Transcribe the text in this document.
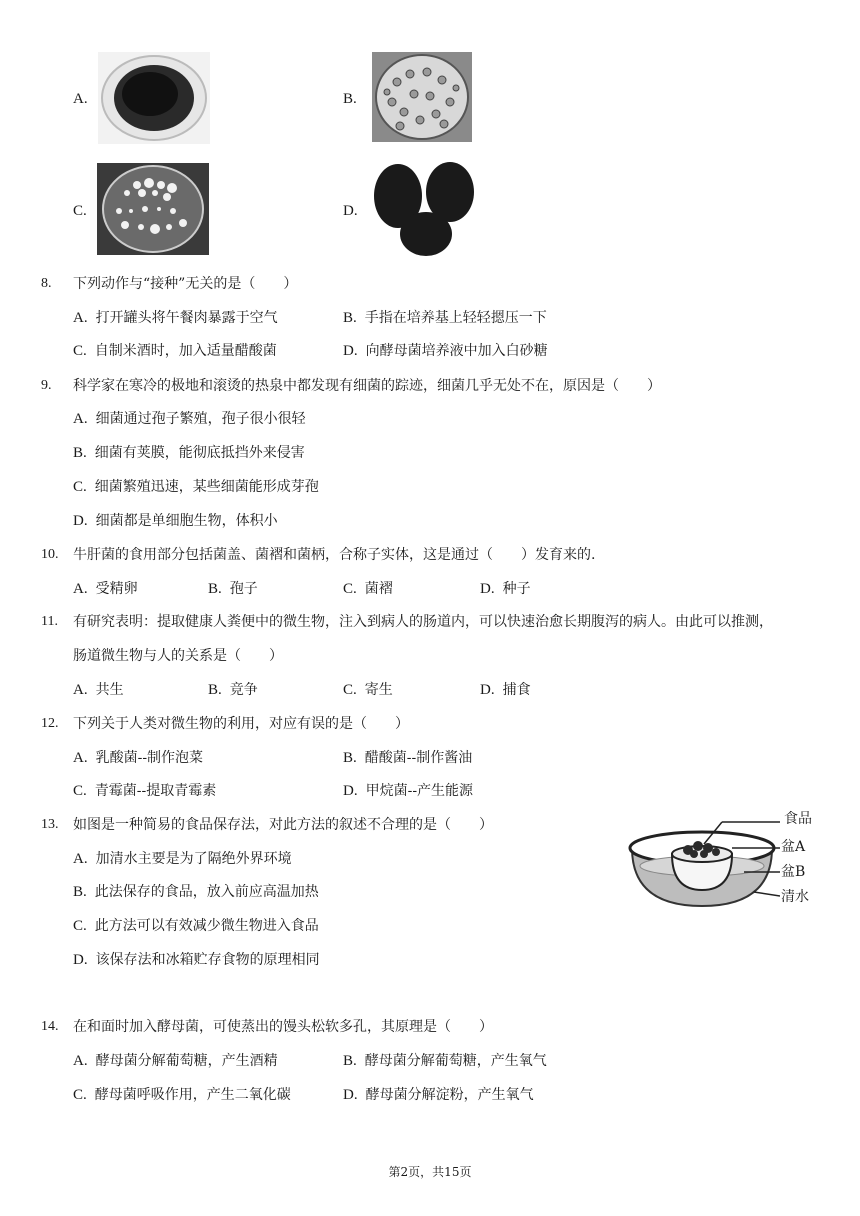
A.	B.
C.	D.
8. 下列动作与“接种”无关的是（　　）
A. 打开罐头将午餐肉暴露于空气	B. 手指在培养基上轻轻摁压一下
C. 自制米酒时，加入适量醋酸菌	D. 向酵母菌培养液中加入白砂糖
9. 科学家在寒冷的极地和滚烫的热泉中都发现有细菌的踪迹，细菌几乎无处不在，原因是（　　）
A. 细菌通过孢子繁殖，孢子很小很轻
B. 细菌有荚膜，能彻底抵挡外来侵害
C. 细菌繁殖迅速，某些细菌能形成芽孢
D. 细菌都是单细胞生物，体积小
10. 牛肝菌的食用部分包括菌盖、菌褶和菌柄，合称子实体，这是通过（　　）发育来的.
A. 受精卵	B. 孢子	C. 菌褶	D. 种子
11. 有研究表明：提取健康人粪便中的微生物，注入到病人的肠道内，可以快速治愈长期腹泻的病人。由此可以推测，
肠道微生物与人的关系是（　　）
A. 共生	B. 竞争	C. 寄生	D. 捕食
12. 下列关于人类对微生物的利用，对应有误的是（　　）
A. 乳酸菌--制作泡菜	B. 醋酸菌--制作酱油
C. 青霉菌--提取青霉素	D. 甲烷菌--产生能源
13. 如图是一种简易的食品保存法，对此方法的叙述不合理的是（　　）
A. 加清水主要是为了隔绝外界环境
B. 此法保存的食品，放入前应高温加热
C. 此方法可以有效减少微生物进入食品
D. 该保存法和冰箱贮存食物的原理相同
食品
盆A
盆B
清水
14. 在和面时加入酵母菌，可使蒸出的馒头松软多孔，其原理是（　　）
A. 酵母菌分解葡萄糖，产生酒精	B. 酵母菌分解葡萄糖，产生氧气
C. 酵母菌呼吸作用，产生二氧化碳	D. 酵母菌分解淀粉，产生氧气
第2页，共15页
